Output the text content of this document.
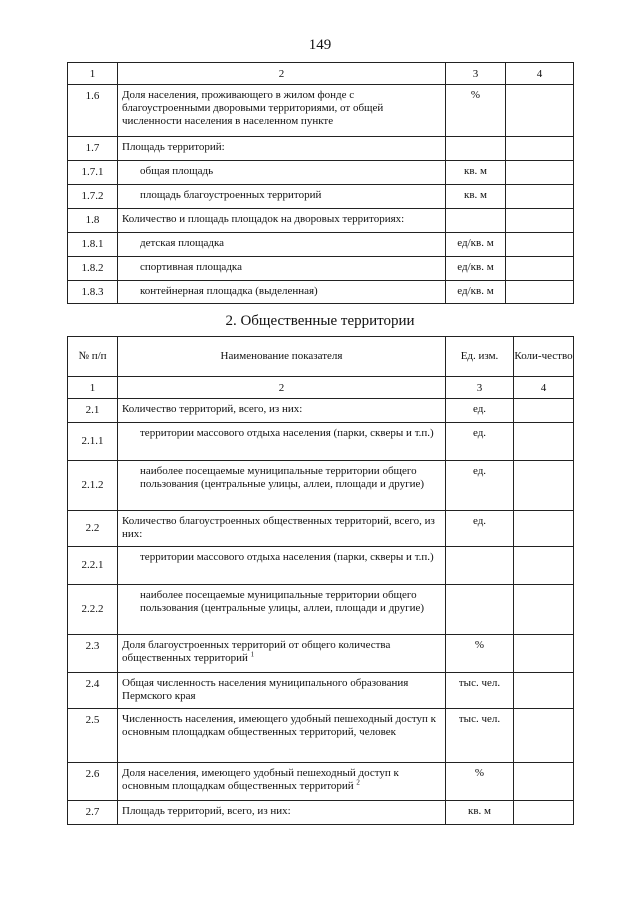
149
1	2	3	4
1.6	Доля населения, проживающего в жилом фонде с благоустроенными дворовыми территориями, от общей численности населения в населенном пункте	%	
1.7	Площадь территорий:		
1.7.1	общая площадь	кв. м	
1.7.2	площадь благоустроенных территорий	кв. м	
1.8	Количество и площадь площадок на дворовых территориях:		
1.8.1	детская площадка	ед/кв. м	
1.8.2	спортивная площадка	ед/кв. м	
1.8.3	контейнерная площадка (выделенная)	ед/кв. м	
2. Общественные территории
№ п/п	Наименование показателя	Ед. изм.	Коли-чество
1	2	3	4
2.1	Количество территорий, всего, из них:	ед.	
2.1.1	территории массового отдыха населения (парки, скверы и т.п.)	ед.	
2.1.2	наиболее посещаемые муниципальные территории общего пользования (центральные улицы, аллеи, площади и другие)	ед.	
2.2	Количество благоустроенных общественных территорий, всего, из них:	ед.	
2.2.1	территории массового отдыха населения (парки, скверы и т.п.)		
2.2.2	наиболее посещаемые муниципальные территории общего пользования (центральные улицы, аллеи, площади и другие)		
2.3	Доля благоустроенных территорий от общего количества общественных территорий $^1$	%	
2.4	Общая численность населения муниципального образования Пермского края	тыс. чел.	
2.5	Численность населения, имеющего удобный пешеходный доступ к основным площадкам общественных территорий, человек	тыс. чел.	
2.6	Доля населения, имеющего удобный пешеходный доступ к основным площадкам общественных территорий $^2$	%	
2.7	Площадь территорий, всего, из них:	кв. м	
